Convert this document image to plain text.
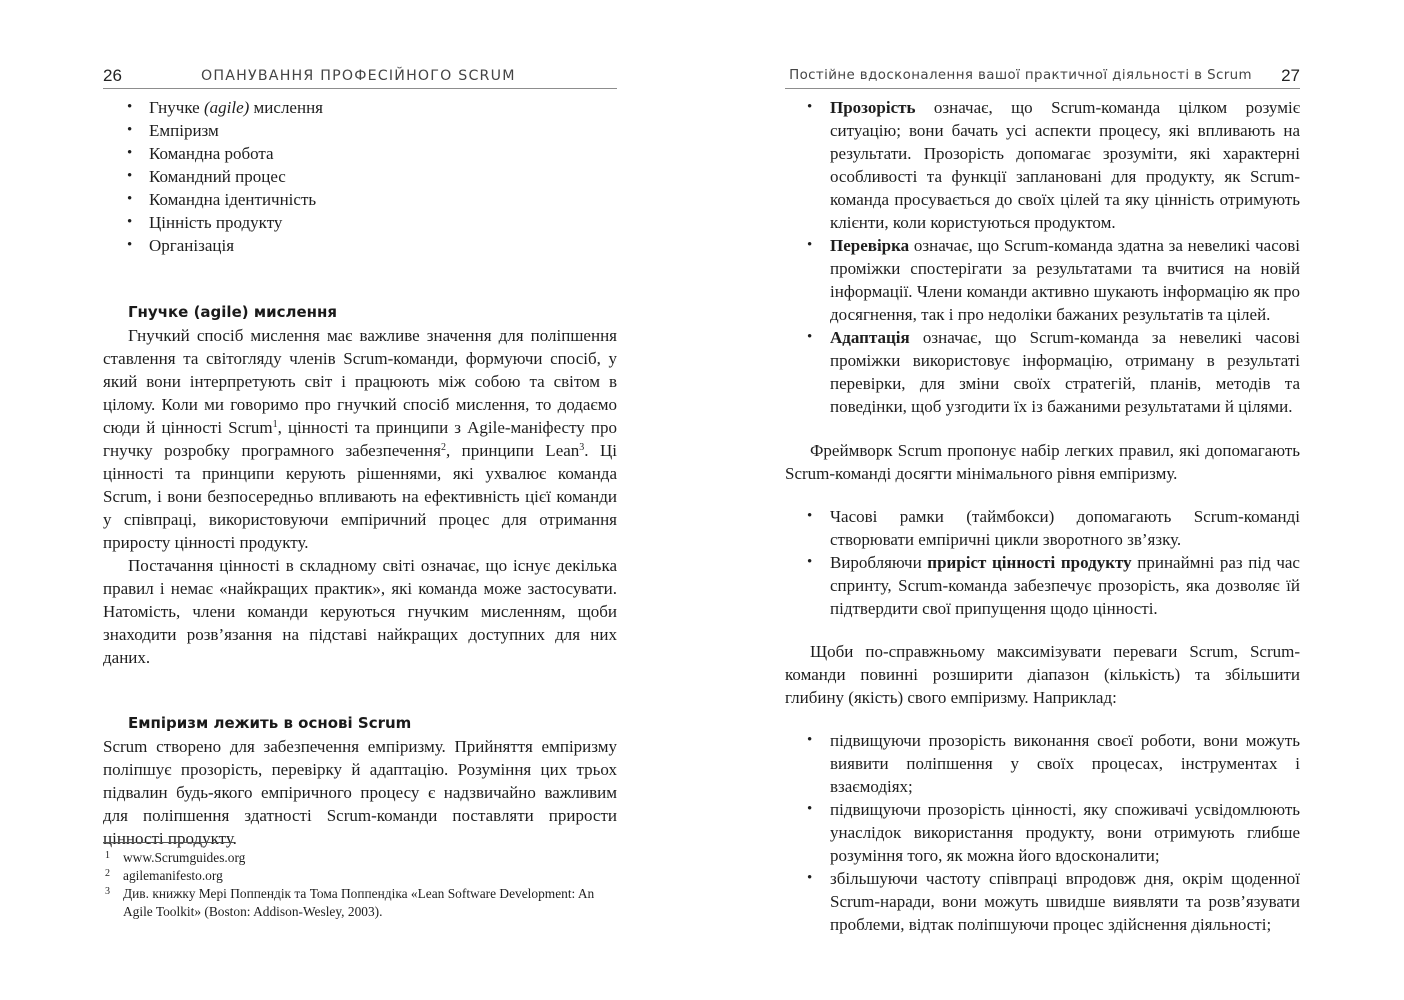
26	ОПАНУВАННЯ ПРОФЕСІЙНОГО SCRUM
• Гнучке (agile) мислення
• Емпіризм
• Командна робота
• Командний процес
• Командна ідентичність
• Цінність продукту
• Організація
Гнучке (agile) мислення

Гнучкий спосіб мислення має важливе значення для поліпшення ставлення та світогляду членів Scrum-команди, формуючи спосіб, у який вони інтерпретують світ і працюють між собою та світом в цілому. Коли ми говоримо про гнучкий спосіб мислення, то додаємо сюди й цінності Scrum$^1$, цінності та принципи з Agile-маніфесту про гнучку розробку програмного забезпечення$^2$, принципи Lean$^3$. Ці цінності та принципи керують рішеннями, які ухвалює команда Scrum, і вони безпосередньо впливають на ефективність цієї команди у співпраці, використовуючи емпіричний процес для отримання приросту цінності продукту.

Постачання цінності в складному світі означає, що існує декілька правил і немає «найкращих практик», які команда може застосувати. Натомість, члени команди керуються гнучким мисленням, щоби знаходити розв’язання на підставі найкращих доступних для них даних.

Емпіризм лежить в основі Scrum

Scrum створено для забезпечення емпіризму. Прийняття емпіризму поліпшує прозорість, перевірку й адаптацію. Розуміння цих трьох підвалин будь-якого емпіричного процесу є надзвичайно важливим для поліпшення здатності Scrum-команди поставляти прирости цінності продукту.

1 www.Scrumguides.org
2 agilemanifesto.org
3 Див. книжку Мері Поппендік та Тома Поппендіка «Lean Software Development: An Agile Toolkit» (Boston: Addison-Wesley, 2003).
Постійне вдосконалення вашої практичної діяльності в Scrum 27
• Прозорість означає, що Scrum-команда цілком розуміє ситуацію; вони бачать усі аспекти процесу, які впливають на результати. Прозорість допомагає зрозуміти, які характерні особливості та функції заплановані для продукту, як Scrum-команда просувається до своїх цілей та яку цінність отримують клієнти, коли користуються продуктом.
• Перевірка означає, що Scrum-команда здатна за невеликі часові проміжки спостерігати за результатами та вчитися на новій інформації. Члени команди активно шукають інформацію як про досягнення, так і про недоліки бажаних результатів та цілей.
• Адаптація означає, що Scrum-команда за невеликі часові проміжки використовує інформацію, отриману в результаті перевірки, для зміни своїх стратегій, планів, методів та поведінки, щоб узгодити їх із бажаними результатами й цілями.

Фреймворк Scrum пропонує набір легких правил, які допомагають Scrum-команді досягти мінімального рівня емпіризму.

• Часові рамки (таймбокси) допомагають Scrum-команді створювати емпіричні цикли зворотного зв’язку.
• Виробляючи приріст цінності продукту принаймні раз під час спринту, Scrum-команда забезпечує прозорість, яка дозволяє їй підтвердити свої припущення щодо цінності.

Щоби по-справжньому максимізувати переваги Scrum, Scrum-команди повинні розширити діапазон (кількість) та збільшити глибину (якість) свого емпіризму. Наприклад:

• підвищуючи прозорість виконання своєї роботи, вони можуть виявити поліпшення у своїх процесах, інструментах і взаємодіях;
• підвищуючи прозорість цінності, яку споживачі усвідомлюють унаслідок використання продукту, вони отримують глибше розуміння того, як можна його вдосконалити;
• збільшуючи частоту співпраці впродовж дня, окрім щоденної Scrum-наради, вони можуть швидше виявляти та розв’язувати проблеми, відтак поліпшуючи процес здійснення діяльності;
